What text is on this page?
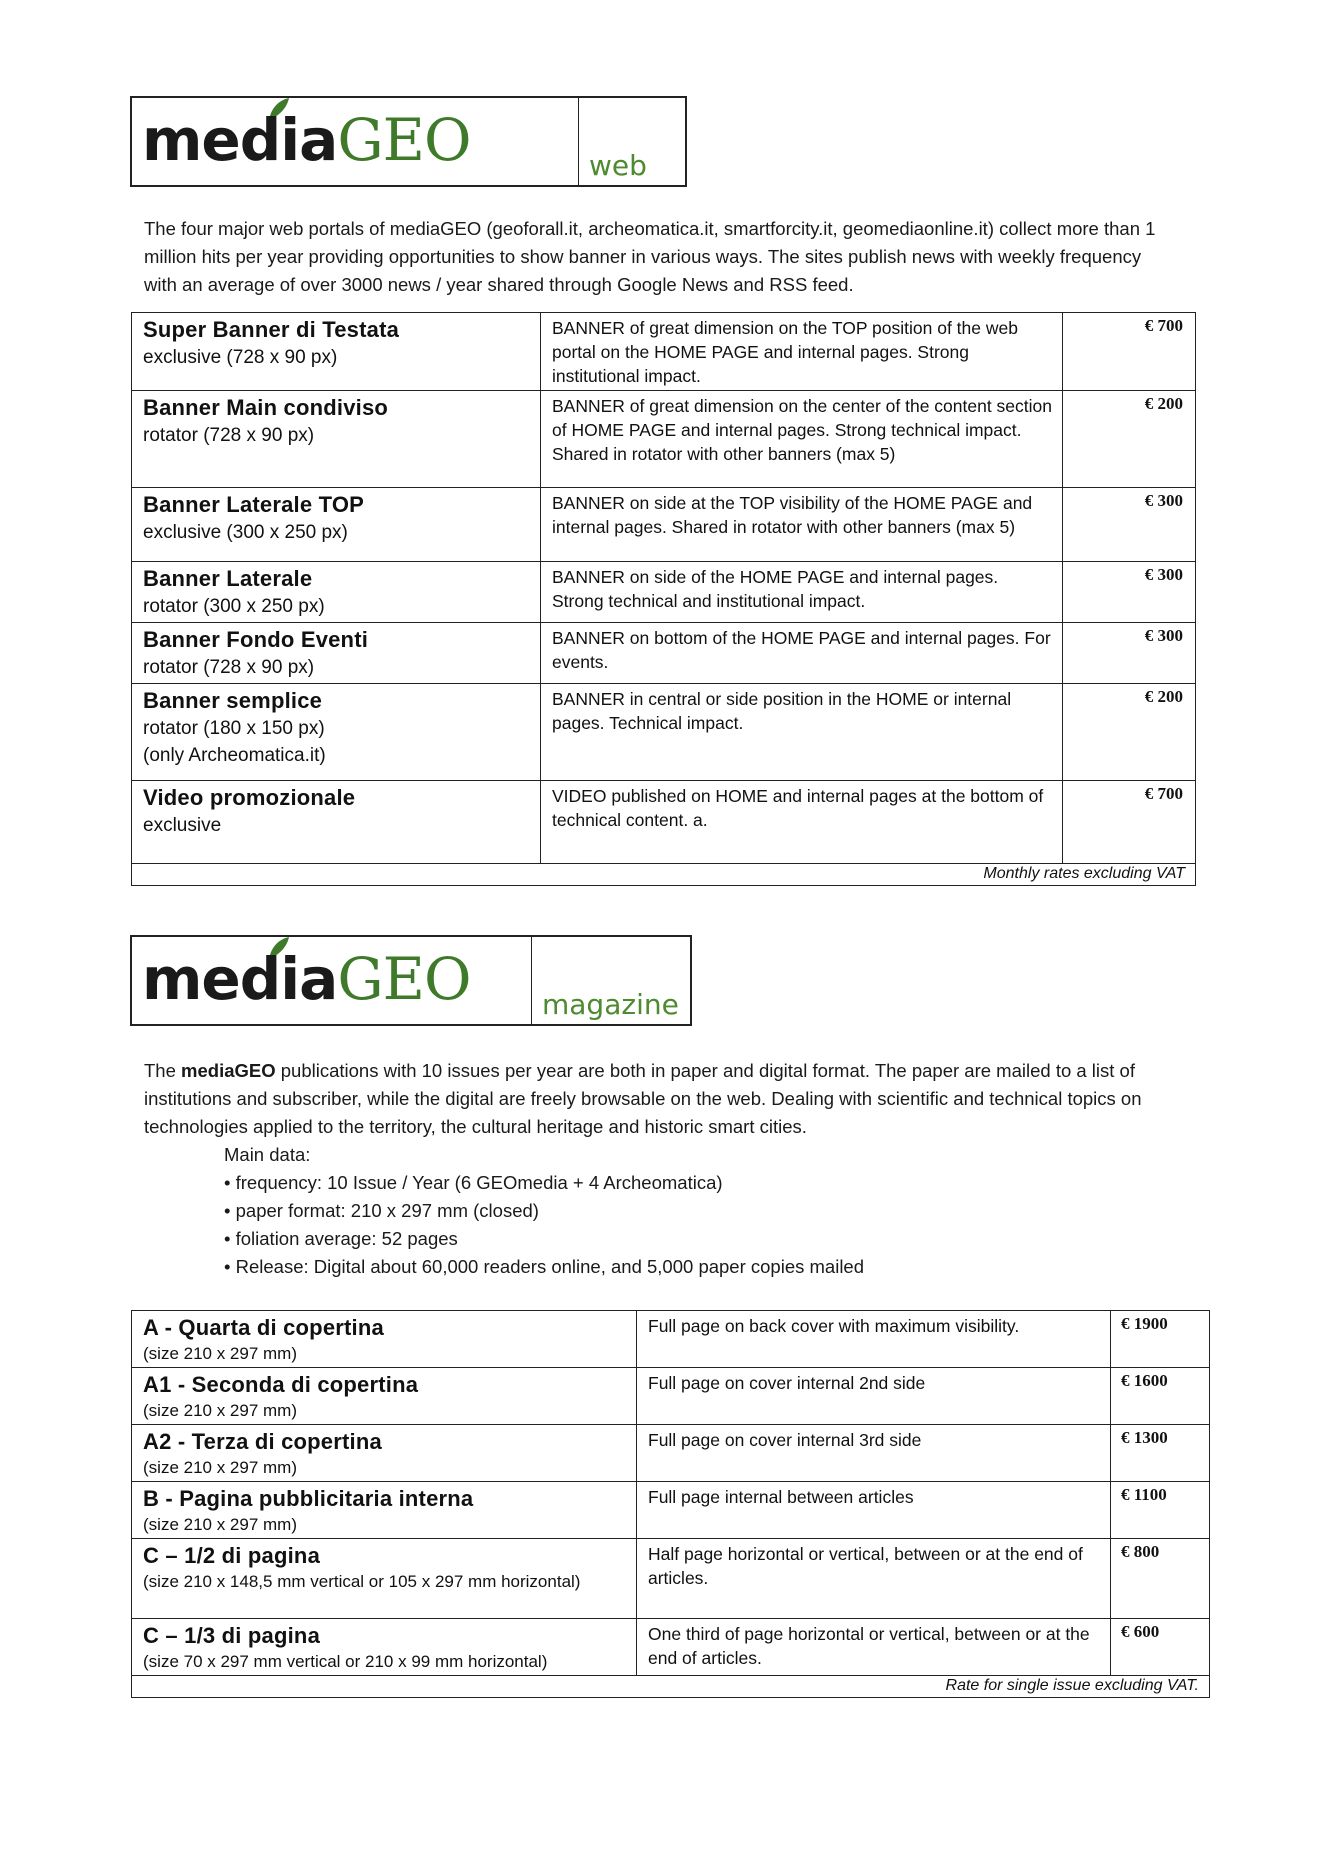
mediaGEO	web
The four major web portals of mediaGEO (geoforall.it, archeomatica.it, smartforcity.it, geomediaonline.it) collect more than 1 million hits per year providing opportunities to show banner in various ways. The sites publish news with weekly frequency with an average of over 3000 news / year shared through Google News and RSS feed.
Super Banner di Testata
exclusive (728 x 90 px)	BANNER of great dimension on the TOP position of the web portal on the HOME PAGE and internal pages. Strong institutional impact.	€ 700

Banner Main condiviso
rotator (728 x 90 px)	BANNER of great dimension on the center of the content section of HOME PAGE and internal pages. Strong technical impact. Shared in rotator with other banners (max 5)	€ 200

Banner Laterale TOP
exclusive (300 x 250 px)	BANNER on side at the TOP visibility of the HOME PAGE and internal pages. Shared in rotator with other banners (max 5)	€ 300

Banner Laterale
rotator (300 x 250 px)	BANNER on side of the HOME PAGE and internal pages. Strong technical and institutional impact.	€ 300

Banner Fondo Eventi
rotator (728 x 90 px)	BANNER on bottom of the HOME PAGE and internal pages. For events.	€ 300

Banner semplice
rotator (180 x 150 px)
(only Archeomatica.it)	BANNER in central or side position in the HOME or internal pages. Technical impact.	€ 200

Video promozionale
exclusive	VIDEO published on HOME and internal pages at the bottom of technical content. a.	€ 700
Monthly rates excluding VAT		
mediaGEO	magazine
The mediaGEO publications with 10 issues per year are both in paper and digital format. The paper are mailed to a list of institutions and subscriber, while the digital are freely browsable on the web. Dealing with scientific and technical topics on technologies applied to the territory, the cultural heritage and historic smart cities.
Main data:
• frequency: 10 Issue / Year (6 GEOmedia + 4 Archeomatica)
• paper format: 210 x 297 mm (closed)
• foliation average: 52 pages
• Release: Digital about 60,000 readers online, and 5,000 paper copies mailed
A - Quarta di copertina
(size 210 x 297 mm)	Full page on back cover with maximum visibility.	€ 1900

A1 - Seconda di copertina
(size 210 x 297 mm)	Full page on cover internal 2nd side	€ 1600

A2 - Terza di copertina
(size 210 x 297 mm)	Full page on cover internal 3rd side	€ 1300

B - Pagina pubblicitaria interna
(size 210 x 297 mm)	Full page internal between articles	€ 1100

C – 1/2 di pagina
(size 210 x 148,5 mm vertical or 105 x 297 mm horizontal)	Half page horizontal or vertical, between or at the end of articles.	€ 800

C – 1/3 di pagina
(size 70 x 297 mm vertical or 210 x 99 mm horizontal)	One third of page horizontal or vertical, between or at the end of articles.	€ 600
Rate for single issue excluding VAT.		
